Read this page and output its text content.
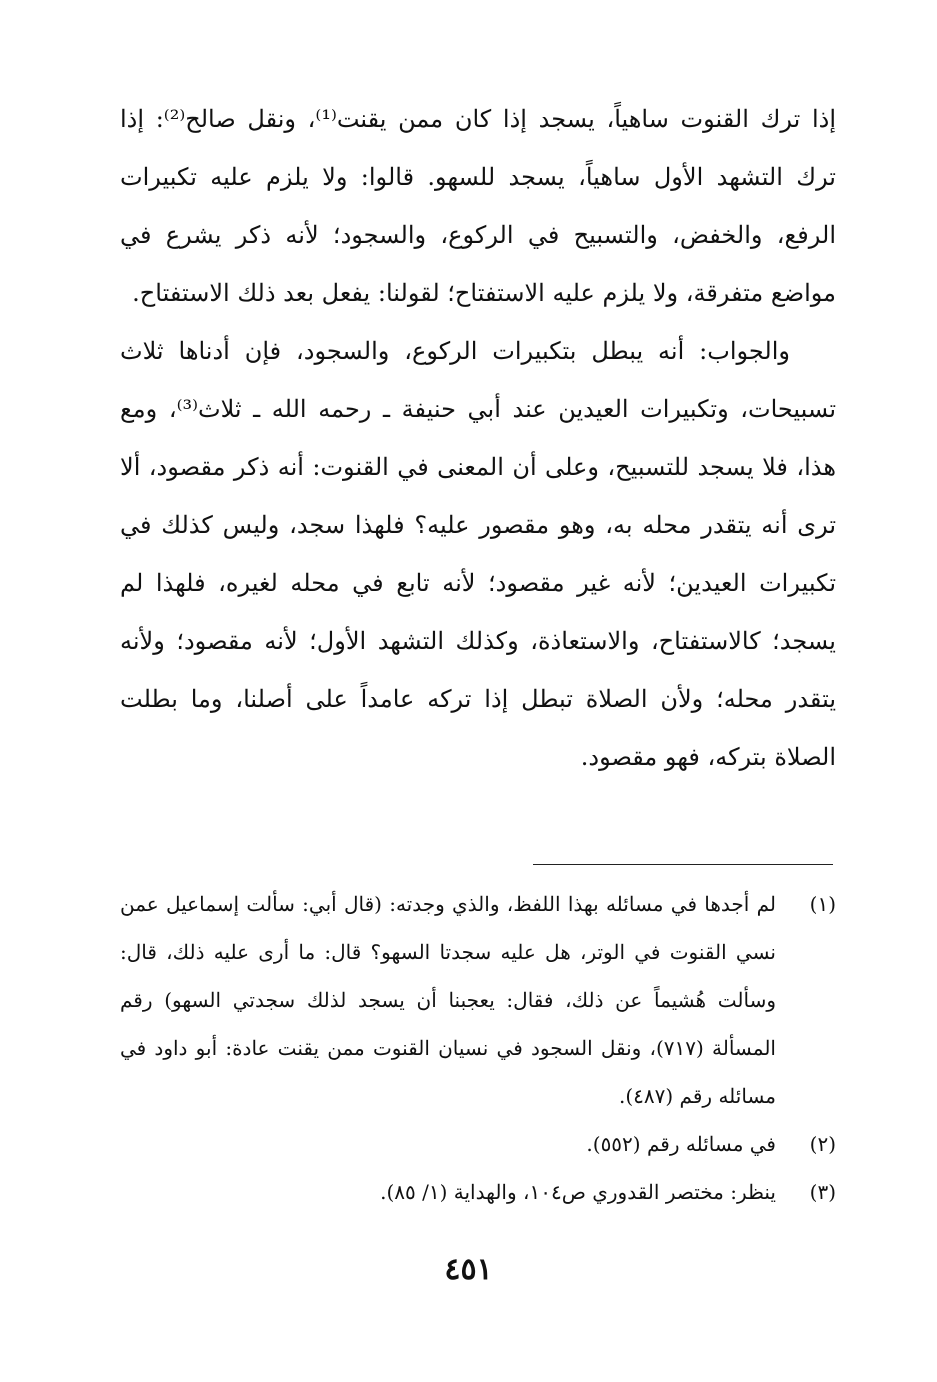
إذا ترك القنوت ساهياً، يسجد إذا كان ممن يقنت⁽¹⁾، ونقل صالح⁽²⁾: إذا ترك التشهد الأول ساهياً، يسجد للسهو. قالوا: ولا يلزم عليه تكبيرات الرفع، والخفض، والتسبيح في الركوع، والسجود؛ لأنه ذكر يشرع في مواضع متفرقة، ولا يلزم عليه الاستفتاح؛ لقولنا: يفعل بعد ذلك الاستفتاح.

والجواب: أنه يبطل بتكبيرات الركوع، والسجود، فإن أدناها ثلاث تسبيحات، وتكبيرات العيدين عند أبي حنيفة ـ رحمه الله ـ ثلاث⁽³⁾، ومع هذا، فلا يسجد للتسبيح، وعلى أن المعنى في القنوت: أنه ذكر مقصود، ألا ترى أنه يتقدر محله به، وهو مقصور عليه؟ فلهذا سجد، وليس كذلك في تكبيرات العيدين؛ لأنه غير مقصود؛ لأنه تابع في محله لغيره، فلهذا لم يسجد؛ كالاستفتاح، والاستعاذة، وكذلك التشهد الأول؛ لأنه مقصود؛ ولأنه يتقدر محله؛ ولأن الصلاة تبطل إذا تركه عامداً على أصلنا، وما بطلت الصلاة بتركه، فهو مقصود.

(١)
لم أجدها في مسائله بهذا اللفظ، والذي وجدته: (قال أبي: سألت إسماعيل عمن نسي القنوت في الوتر، هل عليه سجدتا السهو؟ قال: ما أرى عليه ذلك، قال: وسألت هُشيماً عن ذلك، فقال: يعجبنا أن يسجد لذلك سجدتي السهو) رقم المسألة (٧١٧)، ونقل السجود في نسيان القنوت ممن يقنت عادة: أبو داود في مسائله رقم (٤٨٧).
(٢)
في مسائله رقم (٥٥٢).
(٣)
ينظر: مختصر القدوري ص١٠٤، والهداية (١/ ٨٥).
٤٥١
